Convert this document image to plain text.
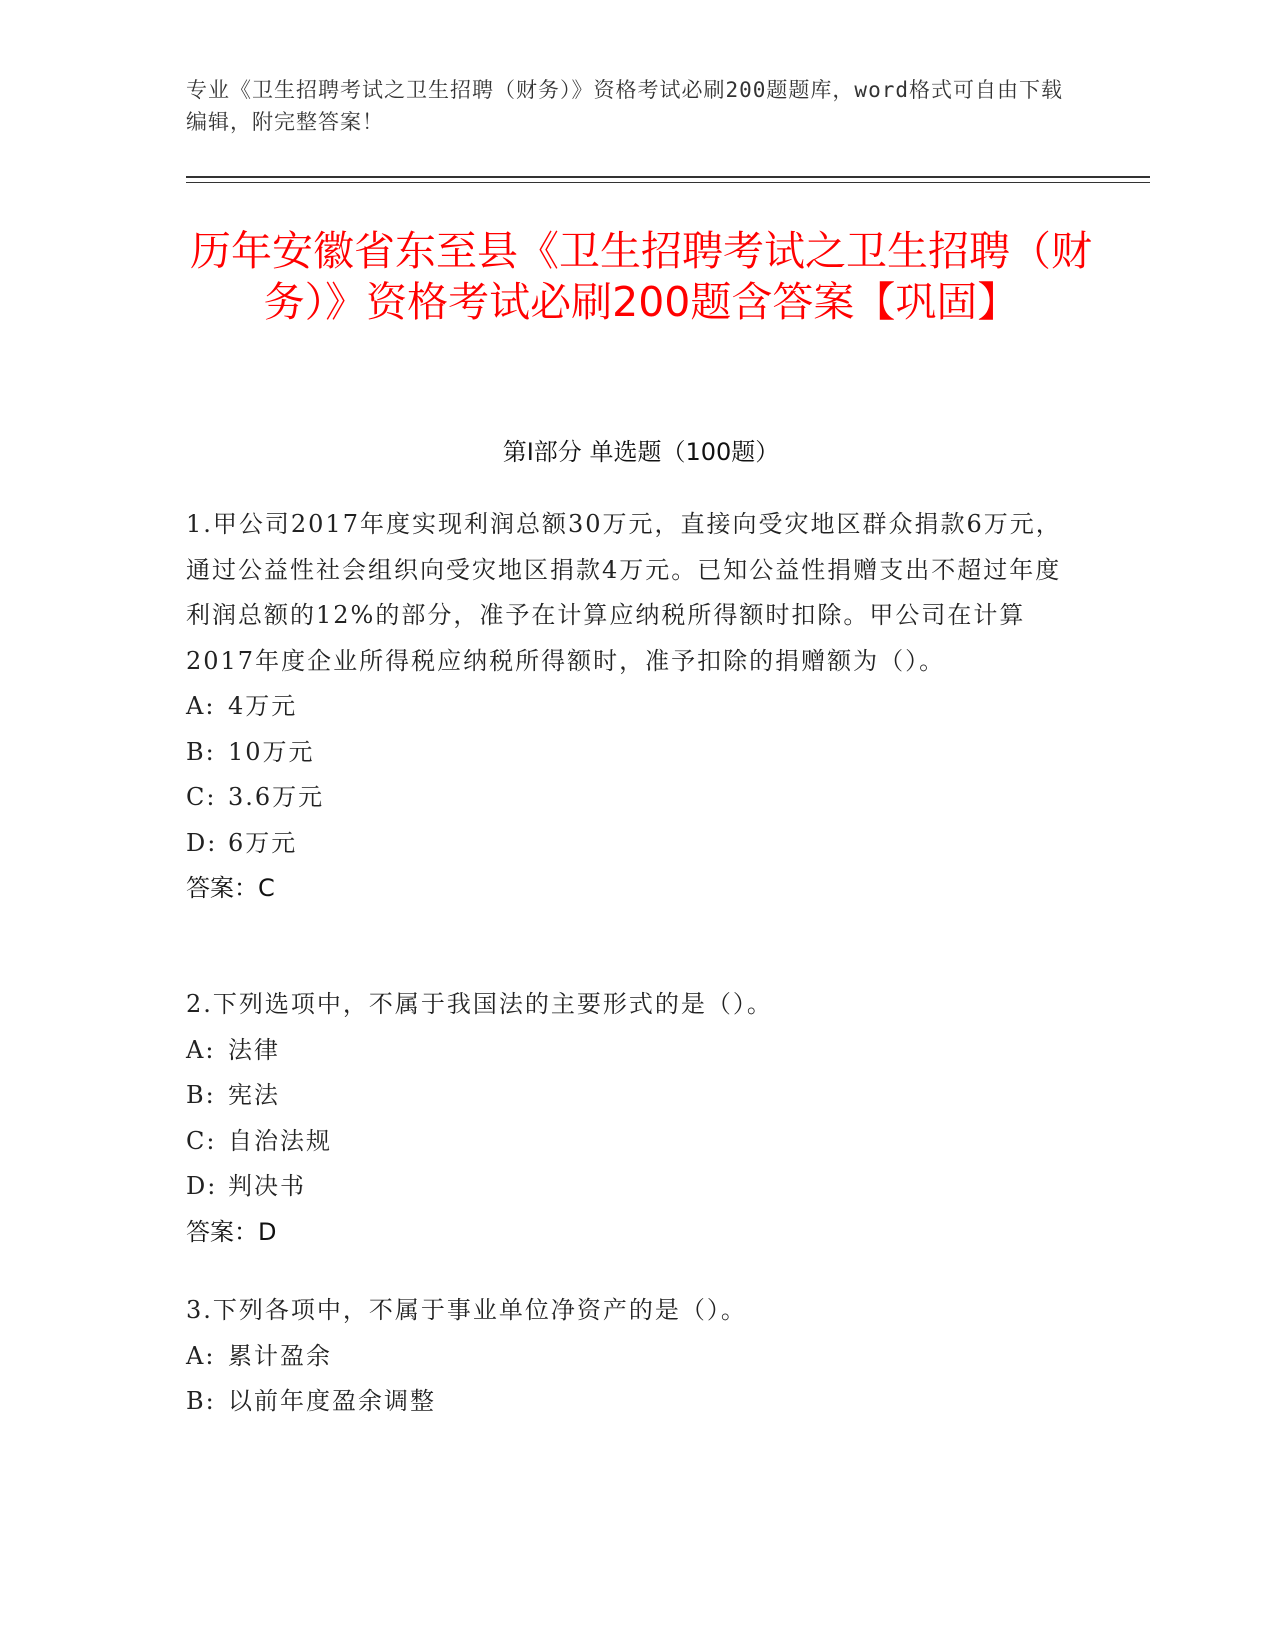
专业《卫生招聘考试之卫生招聘（财务）》资格考试必刷200题题库，word格式可自由下载编辑，附完整答案！
历年安徽省东至县《卫生招聘考试之卫生招聘（财务）》资格考试必刷200题含答案【巩固】
第I部分 单选题（100题）

1.甲公司2017年度实现利润总额30万元，直接向受灾地区群众捐款6万元，通过公益性社会组织向受灾地区捐款4万元。已知公益性捐赠支出不超过年度利润总额的12%的部分，准予在计算应纳税所得额时扣除。甲公司在计算2017年度企业所得税应纳税所得额时，准予扣除的捐赠额为（）。

A: 4万元

B: 10万元

C: 3.6万元

D: 6万元

答案：C

2.下列选项中，不属于我国法的主要形式的是（）。

A: 法律

B: 宪法

C: 自治法规

D: 判决书

答案：D

3.下列各项中，不属于事业单位净资产的是（）。

A: 累计盈余

B: 以前年度盈余调整
